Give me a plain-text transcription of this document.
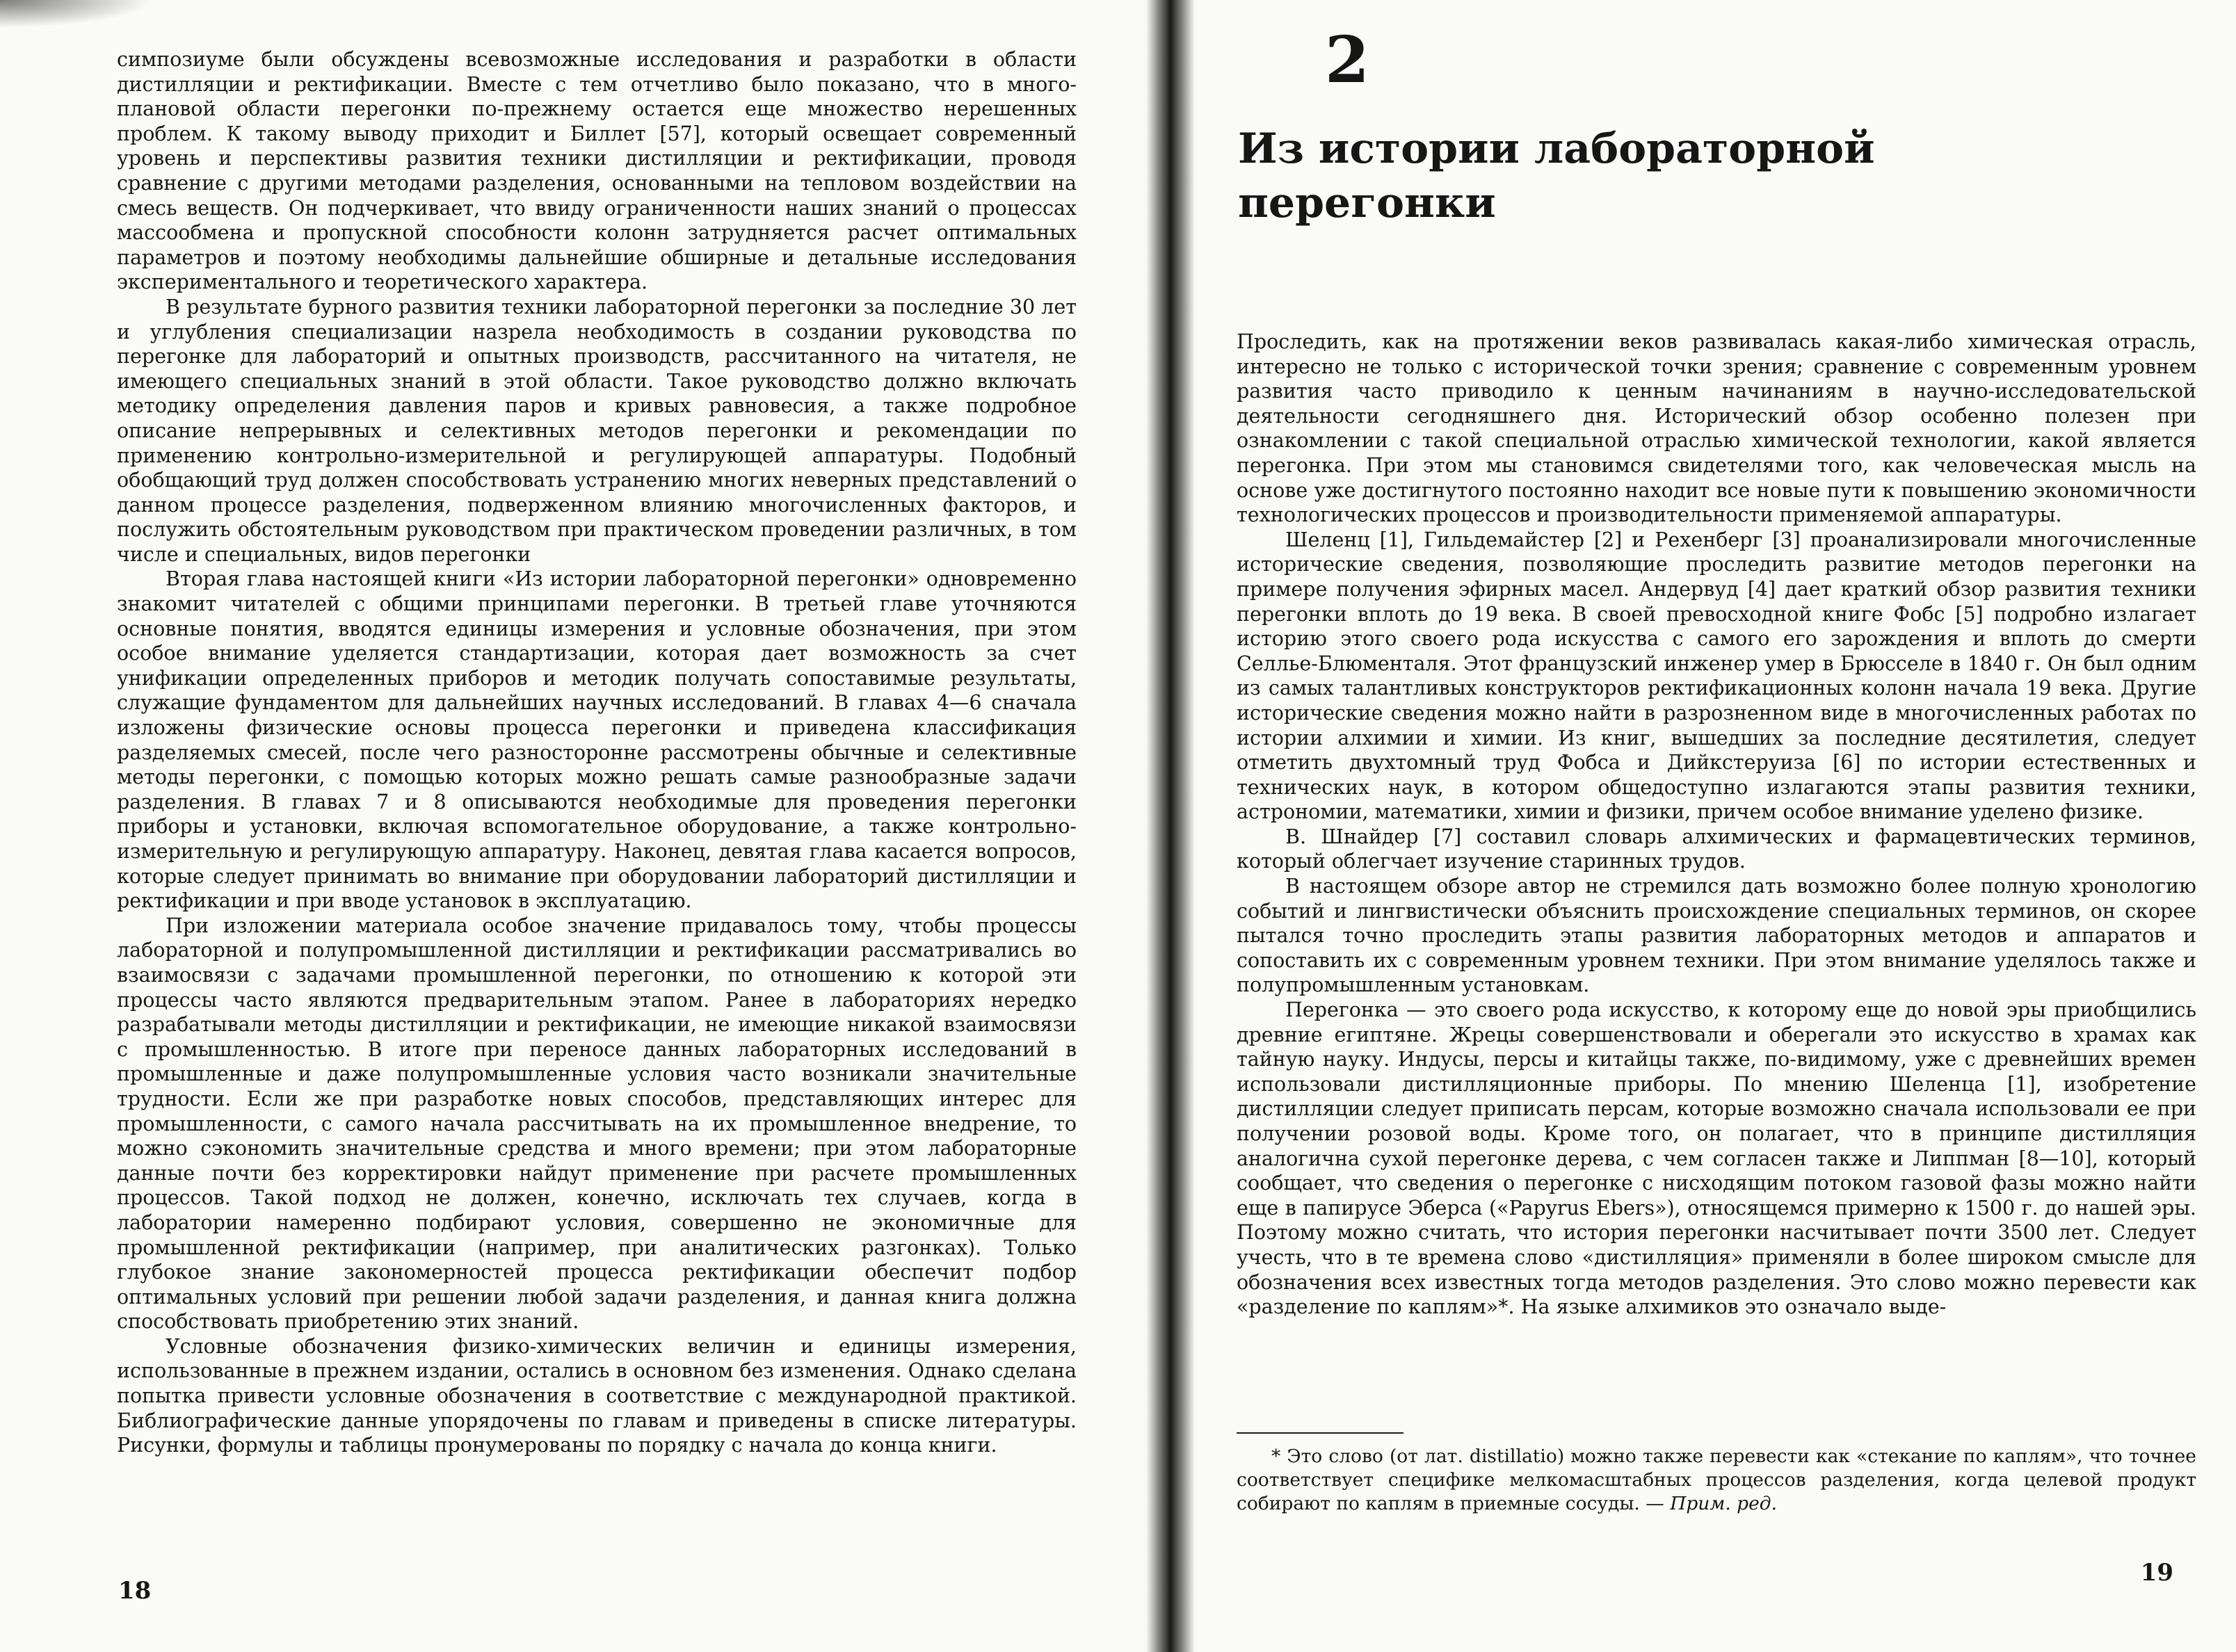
симпозиуме были обсуждены всевозможные исследования и разработки в области дистилляции и ректификации. Вместе с тем отчетливо было показано, что в многоплановой области перегонки по-прежнему остается еще множество нерешенных проблем. К такому выводу приходит и Биллет [57], который освещает современный уровень и перспективы развития техники дистилляции и ректификации, проводя сравнение с другими методами разделения, основанными на тепловом воздействии на смесь веществ. Он подчеркивает, что ввиду ограниченности наших знаний о процессах массообмена и пропускной способности колонн затрудняется расчет оптимальных параметров и поэтому необходимы дальнейшие обширные и детальные исследования экспериментального и теоретического характера.

В результате бурного развития техники лабораторной перегонки за последние 30 лет и углубления специализации назрела необходимость в создании руководства по перегонке для лабораторий и опытных производств, рассчитанного на читателя, не имеющего специальных знаний в этой области. Такое руководство должно включать методику определения давления паров и кривых равновесия, а также подробное описание непрерывных и селективных методов перегонки и рекомендации по применению контрольно-измерительной и регулирующей аппаратуры. Подобный обобщающий труд должен способствовать устранению многих неверных представлений о данном процессе разделения, подверженном влиянию многочисленных факторов, и послужить обстоятельным руководством при практическом проведении различных, в том числе и специальных, видов перегонки

Вторая глава настоящей книги «Из истории лабораторной перегонки» одновременно знакомит читателей с общими принципами перегонки. В третьей главе уточняются основные понятия, вводятся единицы измерения и условные обозначения, при этом особое внимание уделяется стандартизации, которая дает возможность за счет унификации определенных приборов и методик получать сопоставимые результаты, служащие фундаментом для дальнейших научных исследований. В главах 4—6 сначала изложены физические основы процесса перегонки и приведена классификация разделяемых смесей, после чего разносторонне рассмотрены обычные и селективные методы перегонки, с помощью которых можно решать самые разнообразные задачи разделения. В главах 7 и 8 описываются необходимые для проведения перегонки приборы и установки, включая вспомогательное оборудование, а также контрольно-измерительную и регулирующую аппаратуру. Наконец, девятая глава касается вопросов, которые следует принимать во внимание при оборудовании лабораторий дистилляции и ректификации и при вводе установок в эксплуатацию.

При изложении материала особое значение придавалось тому, чтобы процессы лабораторной и полупромышленной дистилляции и ректификации рассматривались во взаимосвязи с задачами промышленной перегонки, по отношению к которой эти процессы часто являются предварительным этапом. Ранее в лабораториях нередко разрабатывали методы дистилляции и ректификации, не имеющие никакой взаимосвязи с промышленностью. В итоге при переносе данных лабораторных исследований в промышленные и даже полупромышленные условия часто возникали значительные трудности. Если же при разработке новых способов, представляющих интерес для промышленности, с самого начала рассчитывать на их промышленное внедрение, то можно сэкономить значительные средства и много времени; при этом лабораторные данные почти без корректировки найдут применение при расчете промышленных процессов. Такой подход не должен, конечно, исключать тех случаев, когда в лаборатории намеренно подбирают условия, совершенно не экономичные для промышленной ректификации (например, при аналитических разгонках). Только глубокое знание закономерностей процесса ректификации обеспечит подбор оптимальных условий при решении любой задачи разделения, и данная книга должна способствовать приобретению этих знаний.

Условные обозначения физико-химических величин и единицы измерения, использованные в прежнем издании, остались в основном без изменения. Однако сделана попытка привести условные обозначения в соответствие с международной практикой. Библиографические данные упорядочены по главам и приведены в списке литературы. Рисунки, формулы и таблицы пронумерованы по порядку с начала до конца книги.

18
2
Из истории лабораторной перегонки

Проследить, как на протяжении веков развивалась какая-либо химическая отрасль, интересно не только с исторической точки зрения; сравнение с современным уровнем развития часто приводило к ценным начинаниям в научно-исследовательской деятельности сегодняшнего дня. Исторический обзор особенно полезен при ознакомлении с такой специальной отраслью химической технологии, какой является перегонка. При этом мы становимся свидетелями того, как человеческая мысль на основе уже достигнутого постоянно находит все новые пути к повышению экономичности технологических процессов и производительности применяемой аппаратуры.

Шеленц [1], Гильдемайстер [2] и Рехенберг [3] проанализировали многочисленные исторические сведения, позволяющие проследить развитие методов перегонки на примере получения эфирных масел. Андервуд [4] дает краткий обзор развития техники перегонки вплоть до 19 века. В своей превосходной книге Фобс [5] подробно излагает историю этого своего рода искусства с самого его зарождения и вплоть до смерти Селльe-Блюменталя. Этот французский инженер умер в Брюсселе в 1840 г. Он был одним из самых талантливых конструкторов ректификационных колонн начала 19 века. Другие исторические сведения можно найти в разрозненном виде в многочисленных работах по истории алхимии и химии. Из книг, вышедших за последние десятилетия, следует отметить двухтомный труд Фобса и Дийкстеруиза [6] по истории естественных и технических наук, в котором общедоступно излагаются этапы развития техники, астрономии, математики, химии и физики, причем особое внимание уделено физике.

В. Шнайдер [7] составил словарь алхимических и фармацевтических терминов, который облегчает изучение старинных трудов.

В настоящем обзоре автор не стремился дать возможно более полную хронологию событий и лингвистически объяснить происхождение специальных терминов, он скорее пытался точно проследить этапы развития лабораторных методов и аппаратов и сопоставить их с современным уровнем техники. При этом внимание уделялось также и полупромышленным установкам.

Перегонка — это своего рода искусство, к которому еще до новой эры приобщились древние египтяне. Жрецы совершенствовали и оберегали это искусство в храмах как тайную науку. Индусы, персы и китайцы также, по-видимому, уже с древнейших времен использовали дистилляционные приборы. По мнению Шеленца [1], изобретение дистилляции следует приписать персам, которые возможно сначала использовали ее при получении розовой воды. Кроме того, он полагает, что в принципе дистилляция аналогична сухой перегонке дерева, с чем согласен также и Липпман [8—10], который сообщает, что сведения о перегонке с нисходящим потоком газовой фазы можно найти еще в папирусе Эберса («Papyrus Ebers»), относящемся примерно к 1500 г. до нашей эры. Поэтому можно считать, что история перегонки насчитывает почти 3500 лет. Следует учесть, что в те времена слово «дистилляция» применяли в более широком смысле для обозначения всех известных тогда методов разделения. Это слово можно перевести как «разделение по каплям»*. На языке алхимиков это означало выде-

* Это слово (от лат. distillatio) можно также перевести как «стекание по каплям», что точнее соответствует специфике мелкомасштабных процессов разделения, когда целевой продукт собирают по каплям в приемные сосуды. — Прим. ред.

19
